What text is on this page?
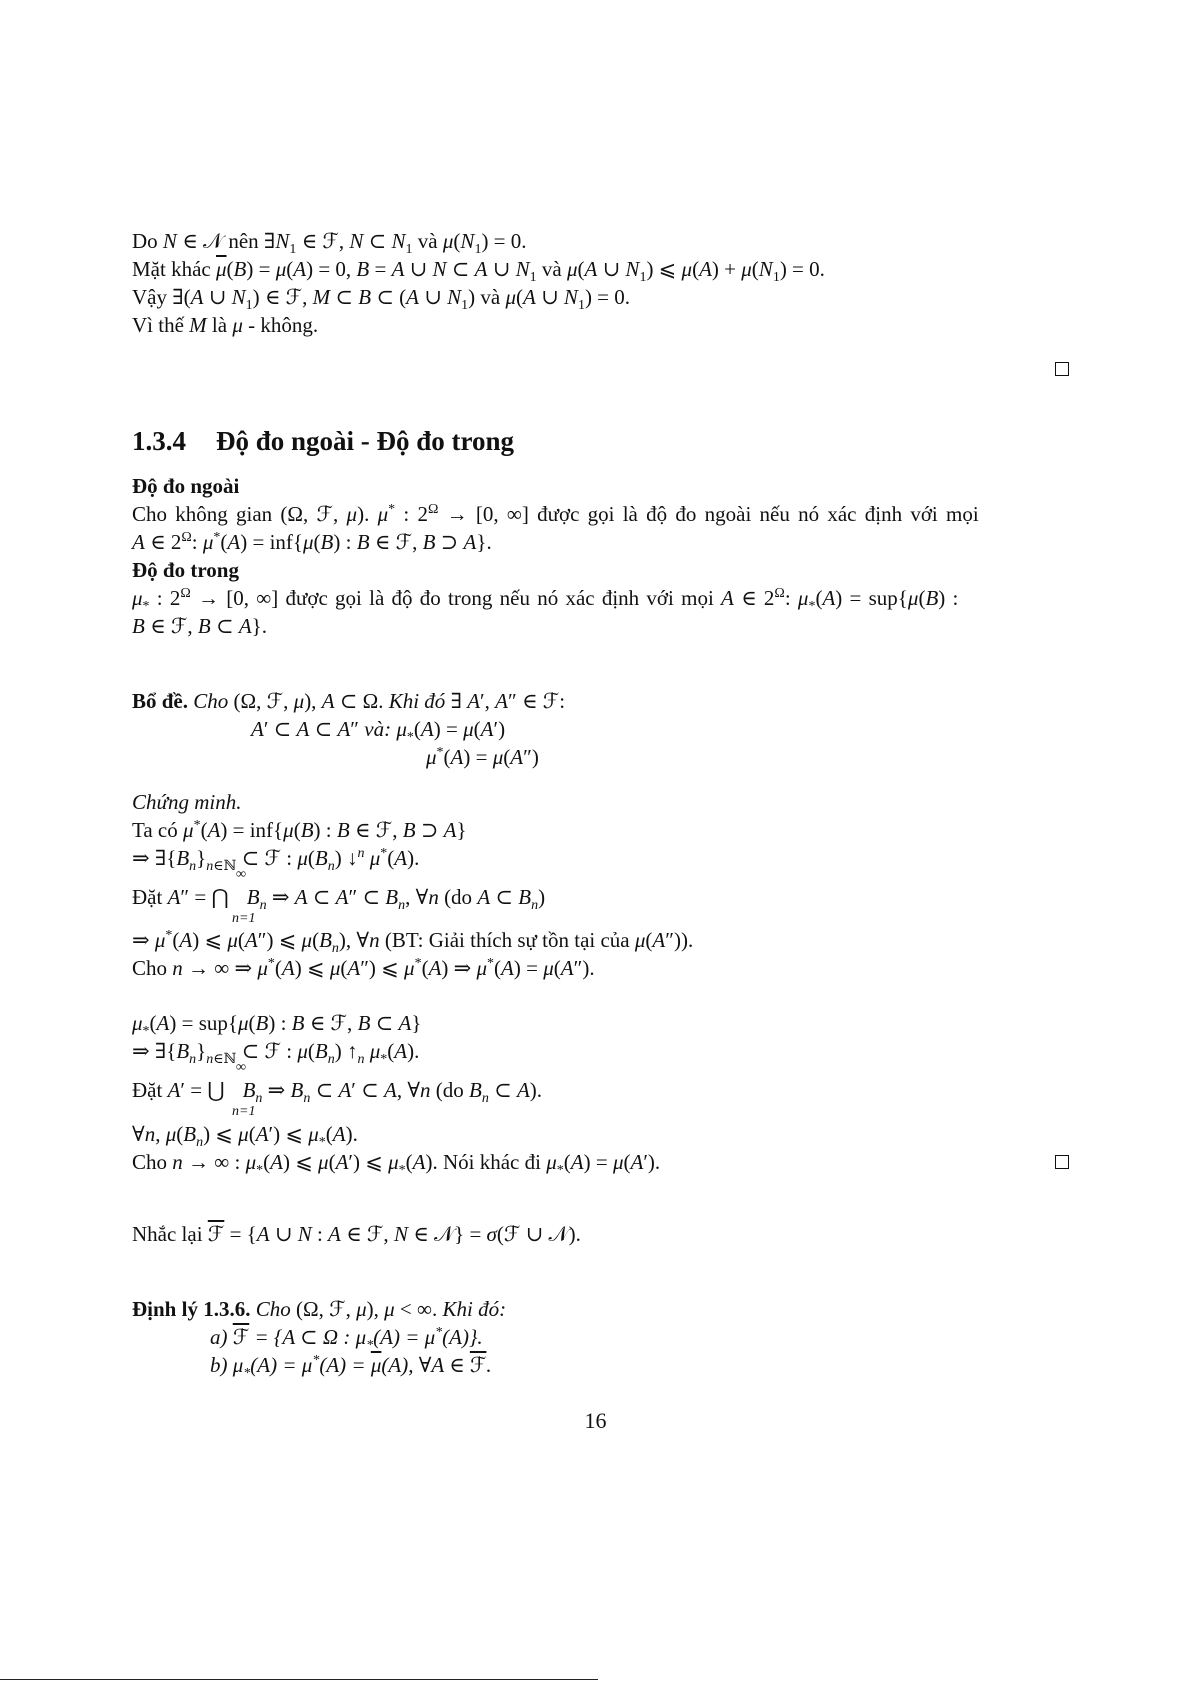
Do N ∈ 𝒩 nên $\exists N_1$ ∈ ℱ, N ⊂ $N_1$ và $\mu(N_1) = 0$.
Mặt khác $\overline{\mu}(B) = \mu(A) = 0$, B = A ∪ N ⊂ A ∪ $N_1$ và μ(A ∪ $N_1$) ⩽ $\mu(A) + \mu(N_1) = 0$.
Vậy ∃(A ∪ $N_1$) ∈ ℱ, M ⊂ B ⊂ (A ∪ $N_1$) và μ(A ∪ $N_1) = 0$.
Vì thế M là μ - không.
1.3.4 Độ đo ngoài - Độ đo trong
Độ đo ngoài
Cho không gian (Ω, ℱ, μ). μ* : $2^\Omega \to [0$, ∞] được gọi là độ đo ngoài nếu nó xác định với mọi
A ∈ $2^\Omega$: μ*(A) = inf{μ(B) : B ∈ ℱ, B ⊃ A}.
Độ đo trong
$\mu_*$ : $2^\Omega \to [0$, ∞] được gọi là độ đo trong nếu nó xác định với mọi A ∈ $2^\Omega$: $\mu_*(A) = sup\{\mu(B)$ :
B ∈ ℱ, B ⊂ A}.
Bổ đề. Cho (Ω, ℱ, μ), A ⊂ Ω. Khi đó ∃ A′, A″ ∈ ℱ:
A′ ⊂ A ⊂ A″ và: $\mu_*(A) = \mu(A')$
μ*(A) = μ(A″)
Chứng minh.
Ta có μ*(A) = inf{μ(B) : B ∈ ℱ, B ⊃ A}
⇒ $\exists\{B_n\}_{n\in ℕ}$ ⊂ ℱ : $\mu(B_n)$ ↓$^n$ μ*(A).
∞
Đặt A″ = ⋂ $B_n$ ⇒ A ⊂ A″ ⊂ $B_n$, ∀n (do A ⊂ $B_n$)
n=1
⇒ μ*(A) ⩽ μ(A″) ⩽ $\mu(B_n)$, ∀n (BT: Giải thích sự tồn tại của μ(A″)).
Cho n → ∞ ⇒ μ*(A) ⩽ μ(A″) ⩽ μ*(A) ⇒ μ*(A) = μ(A″).
$\mu_*(A) = sup\{\mu(B)$ : B ∈ ℱ, B ⊂ A}
⇒ $\exists\{B_n\}_{n\in ℕ}$ ⊂ ℱ : $\mu(B_n)$ $↑_n$ $\mu_*(A)$.
∞
Đặt A′ = ⋃ $B_n$ ⇒ $B_n$ ⊂ A′ ⊂ A, ∀n (do $B_n$ ⊂ A).
n=1
∀n, $\mu(B_n)$ ⩽ μ(A′) ⩽ $\mu_*(A)$.
Cho n → ∞ : $\mu_*(A)$ ⩽ μ(A′) ⩽ $\mu_*(A)$. Nói khác đi $\mu_*(A) = \mu(A')$.
Nhắc lại ℱ = {A ∪ N : A ∈ ℱ, N ∈ 𝒩} = σ(ℱ ∪ 𝒩).
Định lý 1.3.6. Cho (Ω, ℱ, μ), μ < ∞. Khi đó:
a) ℱ = {A ⊂ Ω : $\mu_*(A) = \mu^*(A)$}.
b) $\mu_*(A) = \mu^*(A) = \overline{\mu}(A)$, ∀A ∈ ℱ.
16
